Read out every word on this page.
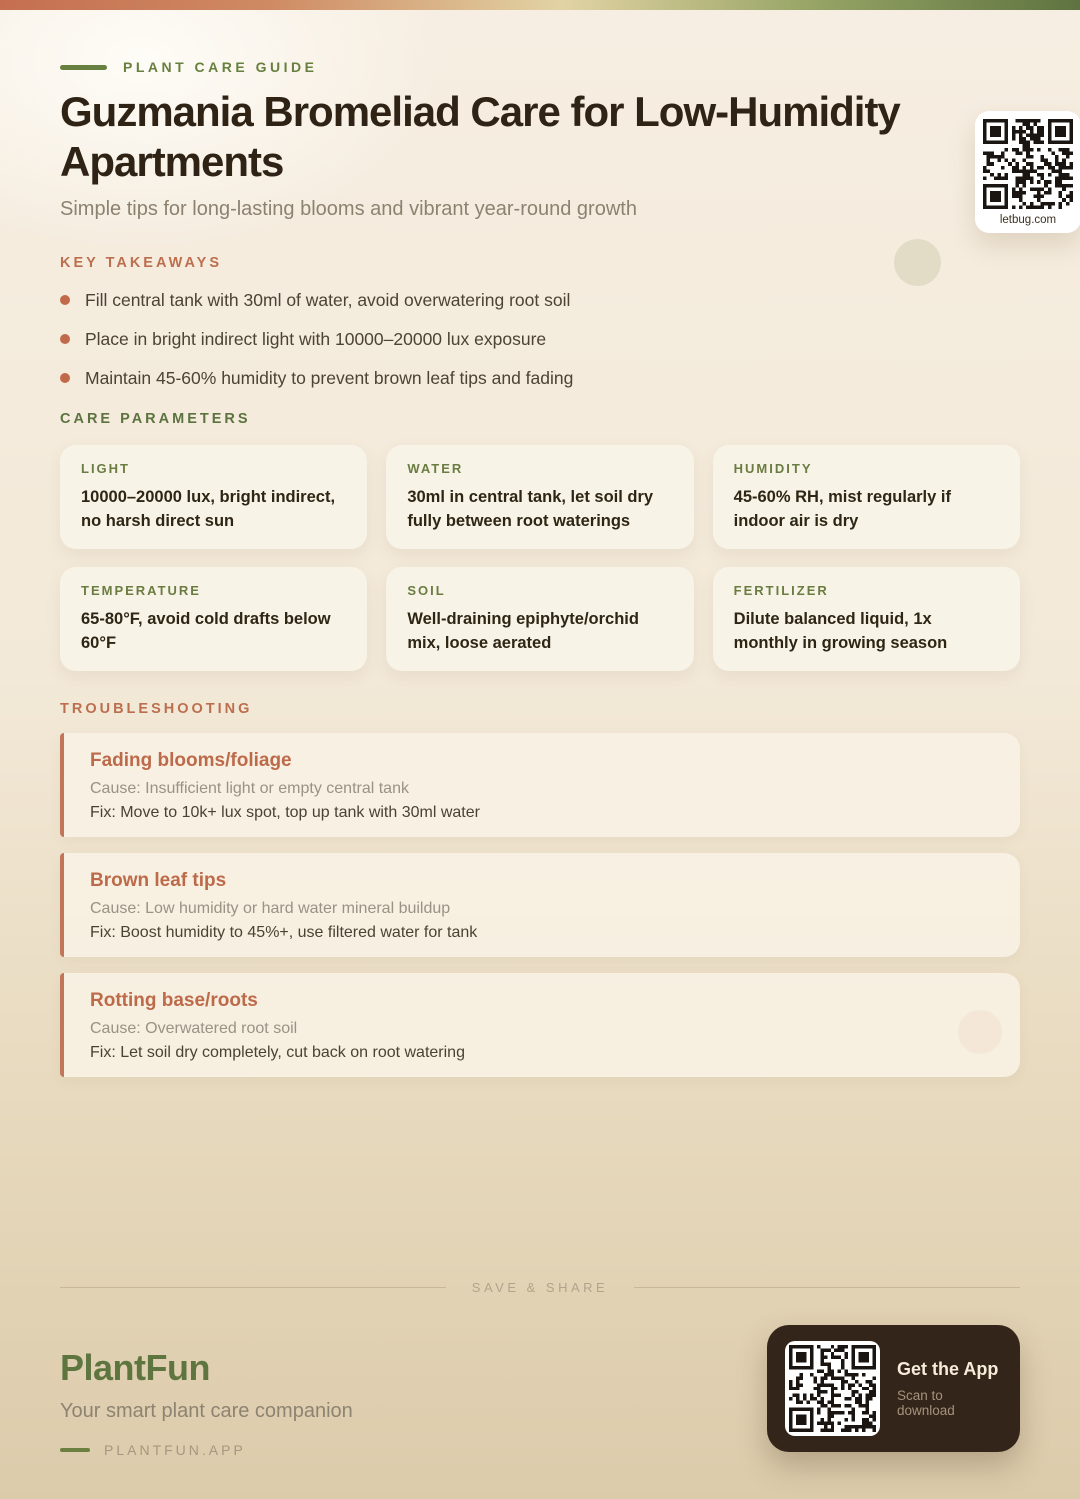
PLANT CARE GUIDE
Guzmania Bromeliad Care for Low-Humidity Apartments

Simple tips for long-lasting blooms and vibrant year-round growth	letbug.com
KEY TAKEAWAYS
Fill central tank with 30ml of water, avoid overwatering root soil
Place in bright indirect light with 10000–20000 lux exposure
Maintain 45-60% humidity to prevent brown leaf tips and fading
CARE PARAMETERS
LIGHT
10000–20000 lux, bright indirect, no harsh direct sun
WATER
30ml in central tank, let soil dry fully between root waterings
HUMIDITY
45-60% RH, mist regularly if indoor air is dry
TEMPERATURE
65-80°F, avoid cold drafts below 60°F
SOIL
Well-draining epiphyte/orchid mix, loose aerated
FERTILIZER
Dilute balanced liquid, 1x monthly in growing season
TROUBLESHOOTING
Fading blooms/foliage
Cause: Insufficient light or empty central tank
Fix: Move to 10k+ lux spot, top up tank with 30ml water
Brown leaf tips
Cause: Low humidity or hard water mineral buildup
Fix: Boost humidity to 45%+, use filtered water for tank
Rotting base/roots
Cause: Overwatered root soil
Fix: Let soil dry completely, cut back on root watering
SAVE & SHARE
PlantFun
Your smart plant care companion
PLANTFUN.APP
Get the App
Scan to download
